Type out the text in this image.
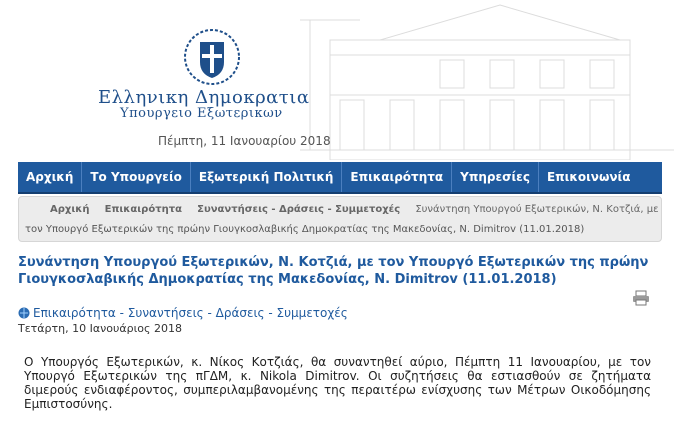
Ελληνικη Δημοκρατια
Υπουργειο Εξωτερικων
Πέμπτη, 11 Ιανουαρίου 2018
Αρχική	Το Υπουργείο	Εξωτερική Πολιτική	Επικαιρότητα	Υπηρεσίες	Επικοινωνία
Αρχική Επικαιρότητα Συναντήσεις - Δράσεις - Συμμετοχές Συνάντηση Υπουργού Εξωτερικών, Ν. Κοτζιά, με
τον Υπουργό Εξωτερικών της πρώην Γιουγκοσλαβικής Δημοκρατίας της Μακεδονίας, N. Dimitrov (11.01.2018)
Συνάντηση Υπουργού Εξωτερικών, Ν. Κοτζιά, με τον Υπουργό Εξωτερικών της πρώην Γιουγκοσλαβικής Δημοκρατίας της Μακεδονίας, N. Dimitrov (11.01.2018)
Επικαιρότητα - Συναντήσεις - Δράσεις - Συμμετοχές
Τετάρτη, 10 Ιανουάριος 2018
Ο Υπουργός Εξωτερικών, κ. Νίκος Κοτζιάς, θα συναντηθεί αύριο, Πέμπτη 11 Ιανουαρίου, με τον Υπουργό Εξωτερικών της πΓΔΜ, κ. Nikola Dimitrov. Οι συζητήσεις θα εστιασθούν σε ζητήματα διμερούς ενδιαφέροντος, συμπεριλαμβανομένης της περαιτέρω ενίσχυσης των Μέτρων Οικοδόμησης Εμπιστοσύνης.
